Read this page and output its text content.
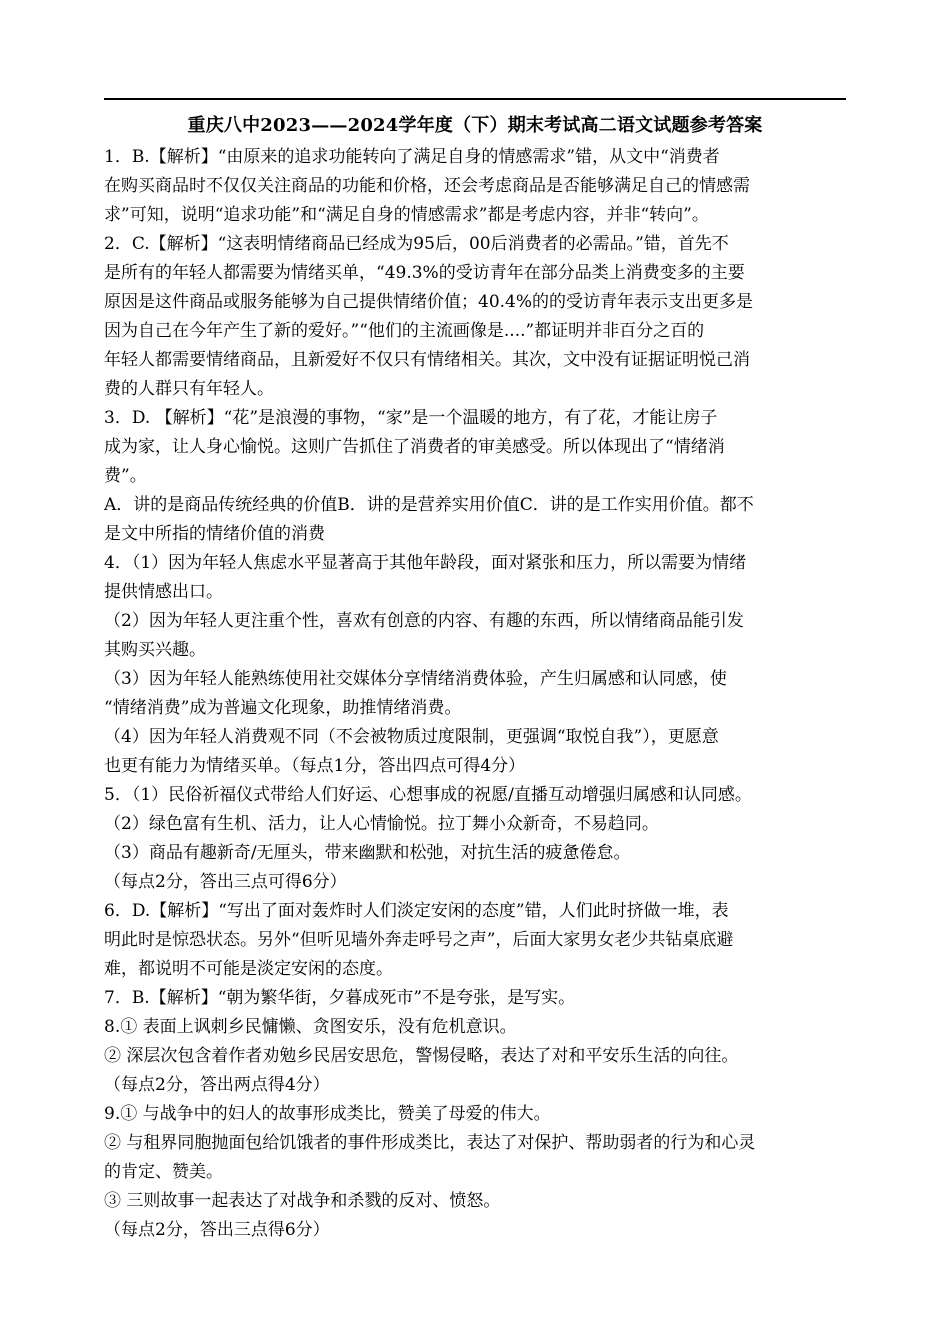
重庆八中2023——2024学年度（下）期末考试高二语文试题参考答案
1．B.【解析】“由原来的追求功能转向了满足自身的情感需求”错，从文中“消费者
在购买商品时不仅仅关注商品的功能和价格，还会考虑商品是否能够满足自己的情感需
求”可知，说明“追求功能”和“满足自身的情感需求”都是考虑内容，并非“转向”。
2．C.【解析】“这表明情绪商品已经成为95后，00后消费者的必需品。”错，首先不
是所有的年轻人都需要为情绪买单，“49.3%的受访青年在部分品类上消费变多的主要
原因是这件商品或服务能够为自己提供情绪价值；40.4%的的受访青年表示支出更多是
因为自己在今年产生了新的爱好。”“他们的主流画像是....”都证明并非百分之百的
年轻人都需要情绪商品，且新爱好不仅只有情绪相关。其次，文中没有证据证明悦己消
费的人群只有年轻人。
3．D. 【解析】“花”是浪漫的事物，“家”是一个温暖的地方，有了花，才能让房子
成为家，让人身心愉悦。这则广告抓住了消费者的审美感受。所以体现出了“情绪消
费”。
A．讲的是商品传统经典的价值B．讲的是营养实用价值C．讲的是工作实用价值。都不
是文中所指的情绪价值的消费
4．（1）因为年轻人焦虑水平显著高于其他年龄段，面对紧张和压力，所以需要为情绪
提供情感出口。
（2）因为年轻人更注重个性，喜欢有创意的内容、有趣的东西，所以情绪商品能引发
其购买兴趣。
（3）因为年轻人能熟练使用社交媒体分享情绪消费体验，产生归属感和认同感，使
“情绪消费”成为普遍文化现象，助推情绪消费。
（4）因为年轻人消费观不同（不会被物质过度限制，更强调“取悦自我”），更愿意
也更有能力为情绪买单。（每点1分，答出四点可得4分）
5．（1）民俗祈福仪式带给人们好运、心想事成的祝愿/直播互动增强归属感和认同感。
（2）绿色富有生机、活力，让人心情愉悦。拉丁舞小众新奇，不易趋同。
（3）商品有趣新奇/无厘头，带来幽默和松弛，对抗生活的疲惫倦怠。
（每点2分，答出三点可得6分）
6．D.【解析】“写出了面对轰炸时人们淡定安闲的态度”错，人们此时挤做一堆，表
明此时是惊恐状态。另外“但听见墙外奔走呼号之声”，后面大家男女老少共钻桌底避
难，都说明不可能是淡定安闲的态度。
7．B.【解析】“朝为繁华街，夕暮成死市”不是夸张，是写实。
8.① 表面上讽刺乡民慵懒、贪图安乐，没有危机意识。
② 深层次包含着作者劝勉乡民居安思危，警惕侵略，表达了对和平安乐生活的向往。
（每点2分，答出两点得4分）
9.① 与战争中的妇人的故事形成类比，赞美了母爱的伟大。
② 与租界同胞抛面包给饥饿者的事件形成类比，表达了对保护、帮助弱者的行为和心灵
的肯定、赞美。
③ 三则故事一起表达了对战争和杀戮的反对、愤怒。
（每点2分，答出三点得6分）
